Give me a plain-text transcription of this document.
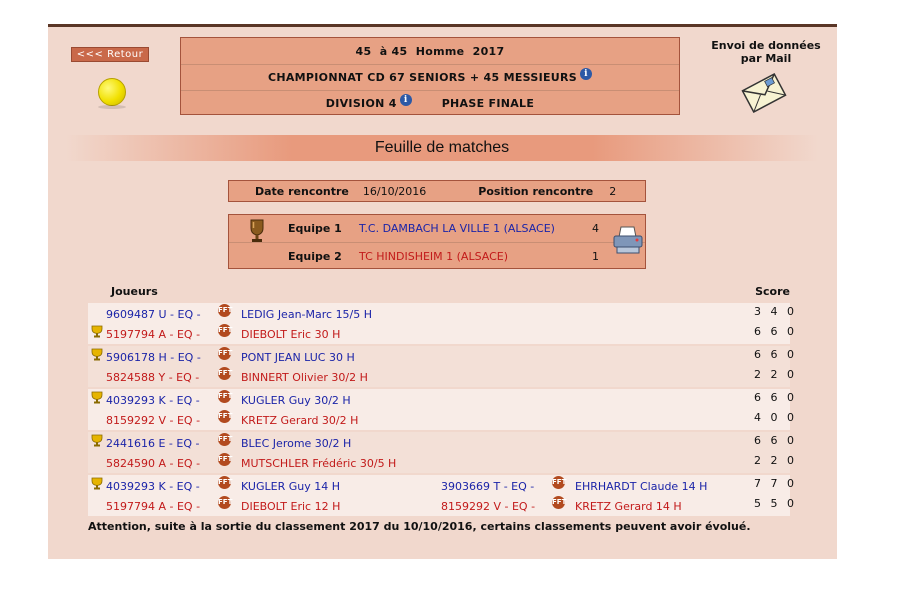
<<< Retour	45  à 45  Homme  2017
CHAMPIONNAT CD 67 SENIORS + 45 MESSIEURS i
DIVISION 4 i	PHASE FINALE
Envoi de données
par Mail
Feuille de matches
Date rencontre 16/10/2016	Position rencontre 2
Equipe 1 T.C. DAMBACH LA VILLE 1 (ALSACE)	4
Equipe 2 TC HINDISHEIM 1 (ALSACE)	1
Joueurs	Score
9609487 U - EQ - FFT LEDIG Jean-Marc 15/5 H	3 4 0
5197794 A - EQ -	FFT DIEBOLT Eric 30 H	6 6 0
5906178 H - EQ - FFT PONT JEAN LUC 30 H	6 6 0
5824588 Y - EQ -	FFT BINNERT Olivier 30/2 H	2 2 0
4039293 K - EQ -	FFT KUGLER Guy 30/2 H	6 6 0
8159292 V - EQ -	FFT KRETZ Gerard 30/2 H	4 0 0
2441616 E - EQ -	FFT BLEC Jerome 30/2 H	6 6 0
5824590 A - EQ -	FFT MUTSCHLER Frédéric 30/5 H	2 2 0
4039293 K - EQ -	FFT KUGLER Guy 14 H	3903669 T - EQ -	FFT EHRHARDT Claude 14 H	7 7 0
5197794 A - EQ -	FFT DIEBOLT Eric 12 H	8159292 V - EQ - FFT KRETZ Gerard 14 H	5 5 0
Attention, suite à la sortie du classement 2017 du 10/10/2016, certains classements peuvent avoir évolué.
